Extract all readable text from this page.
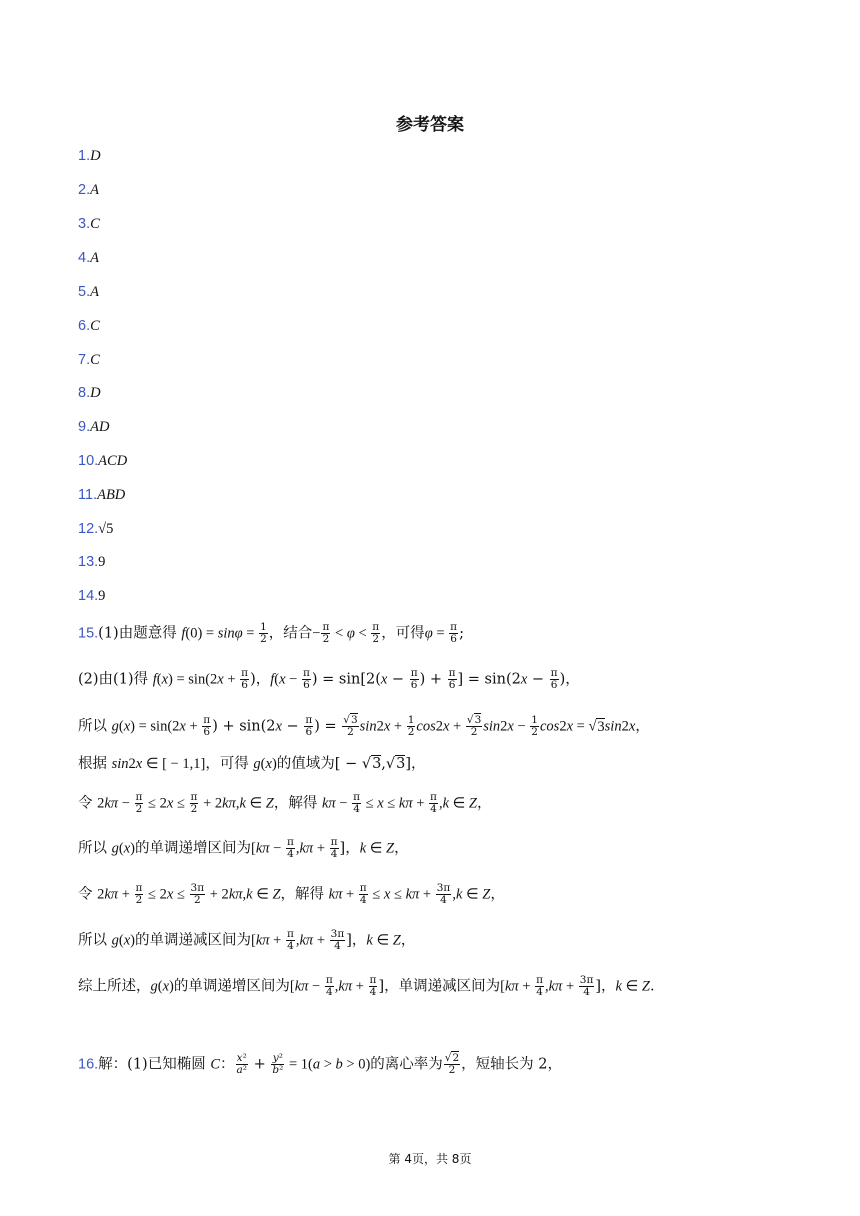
参考答案
1.D
2.A
3.C
4.A
5.A
6.C
7.C
8.D
9.AD
10.ACD
11.ABD
12.√5
13.9
14.9
15.(1)由题意得 $f(0) = \sin\varphi = \frac{1}{2}$ ，结合− $\frac{\pi}{2} < \varphi < \frac{\pi}{2}$ ，可得$\varphi = \frac{\pi}{6}$ ;
(2)由(1)得 $f(x) = \sin(2x + \frac{\pi}{6}$ )，$f(x - \frac{\pi}{6}$ ) = $\sin[2(x - \frac{\pi}{6}$ ) + $\frac{\pi}{6}$ ] = $\sin(2x - \frac{\pi}{6}$ )，
所以 $g(x) = \sin(2x + \frac{\pi}{6}$ ) + $\sin(2x - \frac{\pi}{6}$ ) = $\frac{√3}{2} \sin 2x + \frac{1}{2} \cos 2x + \frac{√3}{2} \sin 2x - \frac{1}{2} \cos 2x = √3\sin 2x$，
根据 sin2x ∈ [ − 1,1]，可得 g(x)的值域为[ − √3,√3]，
令 $2k\pi - \frac{\pi}{2} \le 2x \le \frac{\pi}{2} + 2k\pi,k$ ∈ Z，解得 $k\pi - \frac{\pi}{4} \le x \le k\pi + \frac{\pi}{4} ,k$ ∈ Z，
所以 g(x)的单调递增区间为[$k\pi - \frac{\pi}{4} ,k\pi + \frac{\pi}{4}$ ]，k ∈ Z，
令 $2k\pi + \frac{\pi}{2} \le 2x \le \frac{3\pi}{2} + 2k\pi,k$ ∈ Z，解得 $k\pi + \frac{\pi}{4} \le x \le k\pi + \frac{3\pi}{4} ,k$ ∈ Z，
所以 g(x)的单调递减区间为[$k\pi + \frac{\pi}{4} ,k\pi + \frac{3\pi}{4}$ ]，k ∈ Z，
综上所述，g(x)的单调递增区间为[$k\pi - \frac{\pi}{4} ,k\pi + \frac{\pi}{4}$ ]，单调递减区间为[$k\pi + \frac{\pi}{4} ,k\pi + \frac{3\pi}{4}$ ]，k ∈ Z.
16.解：(1)已知椭圆 C： $\frac{\text{x²}}{\text{a²}} + \frac{\text{y²}}{\text{b²}} = 1(a > b > 0)$的离心率为 $\frac{√2}{2}$ ，短轴长为 2，
第 4页，共 8页
